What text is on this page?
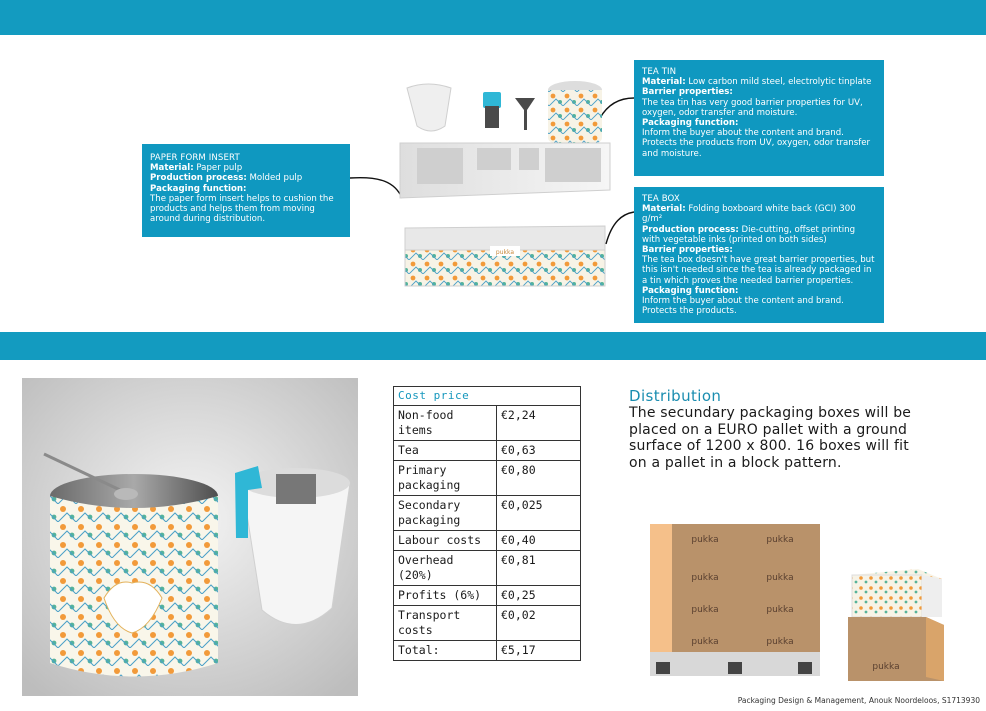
pukka

PAPER FORM INSERT

Material: Paper pulp

Production process: Molded pulp

Packaging function:

The paper form insert helps to cushion the products and helps them from moving around during distribution.

TEA TIN

Material: Low carbon mild steel, electrolytic tinplate

Barrier properties:

The tea tin has very good barrier properties for UV, oxygen, odor transfer and moisture.

Packaging function:

Inform the buyer about the content and brand. Protects the products from UV, oxygen, odor transfer and moisture.

TEA BOX

Material: Folding boxboard white back (GCI) 300 g/m²

Production process: Die-cutting, offset printing with vegetable inks (printed on both sides)

Barrier properties:

The tea box doesn't have great barrier properties, but this isn't needed since the tea is already packaged in a tin which proves the needed barrier properties.

Packaging function:

Inform the buyer about the content and brand. Protects the products.

Cost price	
Non-food items	€2,24
Tea	€0,63
Primary packaging	€0,80
Secondary packaging	€0,025
Labour costs	€0,40
Overhead (20%)	€0,81
Profits (6%)	€0,25
Transport costs	€0,02
Total:	€5,17
Distribution
The secundary packaging boxes will be placed on a EURO pallet with a ground surface of 1200 x 800. 16 boxes will fit on a pallet in a block pattern.
pukka	pukka
pukka	pukka
pukka	pukka
pukka	pukka
pukka
Packaging Design & Management, Anouk Noordeloos, S1713930
